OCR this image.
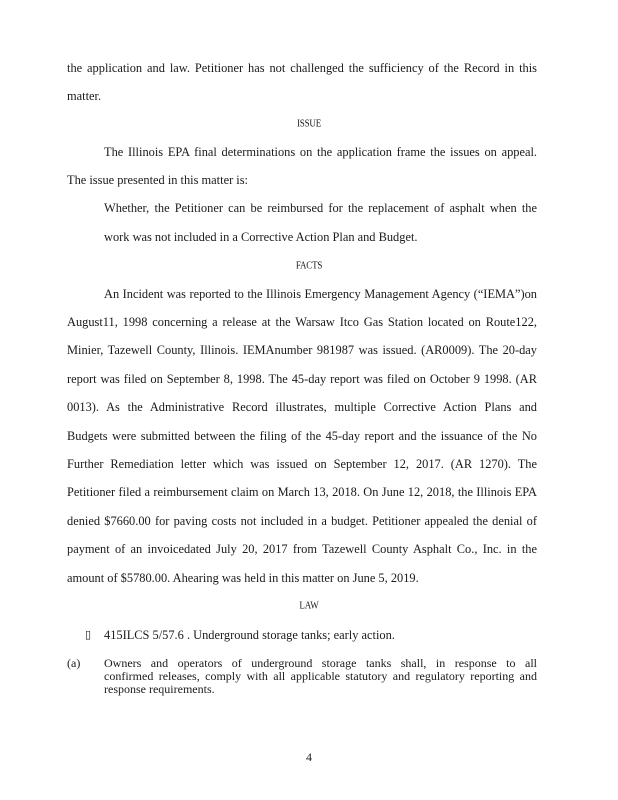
the application and law. Petitioner has not challenged the sufficiency of the Record in this
matter.
ISSUE
The Illinois EPA final determinations on the application frame the issues on appeal.
The issue presented in this matter is:
Whether, the Petitioner can be reimbursed for the replacement of asphalt when the
work was not included in a Corrective Action Plan and Budget.
FACTS
An Incident was reported to the Illinois Emergency Management Agency (“IEMA”)on
August11, 1998 concerning a release at the Warsaw Itco Gas Station located on Route122,
Minier, Tazewell County, Illinois. IEMAnumber 981987 was issued. (AR0009). The 20-day
report was filed on September 8, 1998. The 45-day report was filed on October 9 1998. (AR
0013). As the Administrative Record illustrates, multiple Corrective Action Plans and
Budgets were submitted between the filing of the 45-day report and the issuance of the No
Further Remediation letter which was issued on September 12, 2017. (AR 1270). The
Petitioner filed a reimbursement claim on March 13, 2018. On June 12, 2018, the Illinois EPA
denied $7660.00 for paving costs not included in a budget. Petitioner appealed the denial of
payment of an invoicedated July 20, 2017 from Tazewell County Asphalt Co., Inc. in the
amount of $5780.00. Ahearing was held in this matter on June 5, 2019.
LAW
▯ 415ILCS 5/57.6 . Underground storage tanks; early action.
(a) Owners and operators of underground storage tanks shall, in response to all
confirmed releases, comply with all applicable statutory and regulatory reporting and
response requirements.
4
